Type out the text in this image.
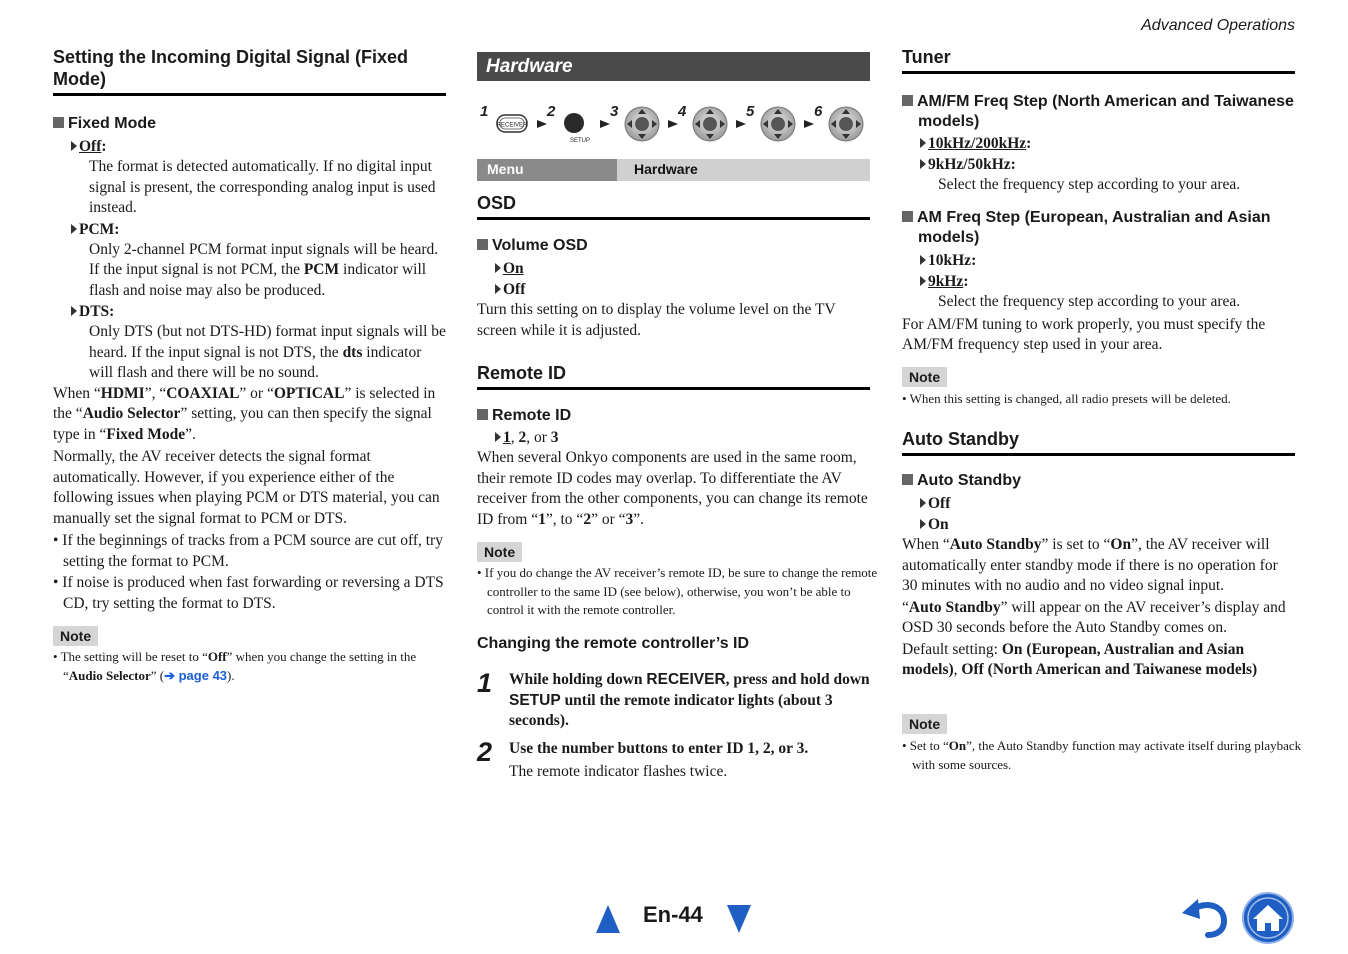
Advanced Operations
Setting the Incoming Digital Signal (Fixed Mode)
Fixed Mode
Off:

The format is detected automatically. If no digital input signal is present, the corresponding analog input is used instead.

PCM:

Only 2-channel PCM format input signals will be heard. If the input signal is not PCM, the PCM indicator will flash and noise may also be produced.

DTS:

Only DTS (but not DTS-HD) format input signals will be heard. If the input signal is not DTS, the dts indicator will flash and there will be no sound.

When “HDMI”, “COAXIAL” or “OPTICAL” is selected in the “Audio Selector” setting, you can then specify the signal type in “Fixed Mode”.

Normally, the AV receiver detects the signal format automatically. However, if you experience either of the following issues when playing PCM or DTS material, you can manually set the signal format to PCM or DTS.

• If the beginnings of tracks from a PCM source are cut off, try setting the format to PCM.

• If noise is produced when fast forwarding or reversing a DTS CD, try setting the format to DTS.

Note

• The setting will be reset to “Off” when you change the setting in the “Audio Selector” (➔ page 43).

Hardware
1	2	3	4	5	6
RECEIVER
SETUP
Hardware
Menu
OSD
Volume OSD
On
Off

Turn this setting on to display the volume level on the TV screen while it is adjusted.

Remote ID
Remote ID
1, 2, or 3

When several Onkyo components are used in the same room, their remote ID codes may overlap. To differentiate the AV receiver from the other components, you can change its remote ID from “1”, to “2” or “3”.

Note

• If you do change the AV receiver’s remote ID, be sure to change the remote controller to the same ID (see below), otherwise, you won’t be able to control it with the remote controller.

Changing the remote controller’s ID
1	While holding down RECEIVER, press and hold down SETUP until the remote indicator lights (about 3 seconds).

2	Use the number buttons to enter ID 1, 2, or 3.

The remote indicator flashes twice.

Tuner
AM/FM Freq Step (North American and Taiwanese models)
10kHz/200kHz:
9kHz/50kHz:

Select the frequency step according to your area.

AM Freq Step (European, Australian and Asian models)
10kHz:
9kHz:

Select the frequency step according to your area.

For AM/FM tuning to work properly, you must specify the AM/FM frequency step used in your area.

Note

• When this setting is changed, all radio presets will be deleted.

Auto Standby
Auto Standby
Off
On

When “Auto Standby” is set to “On”, the AV receiver will automatically enter standby mode if there is no operation for 30 minutes with no audio and no video signal input.

“Auto Standby” will appear on the AV receiver’s display and OSD 30 seconds before the Auto Standby comes on.

Default setting: On (European, Australian and Asian models), Off (North American and Taiwanese models)

Note

• Set to “On”, the Auto Standby function may activate itself during playback with some sources.

En-44
